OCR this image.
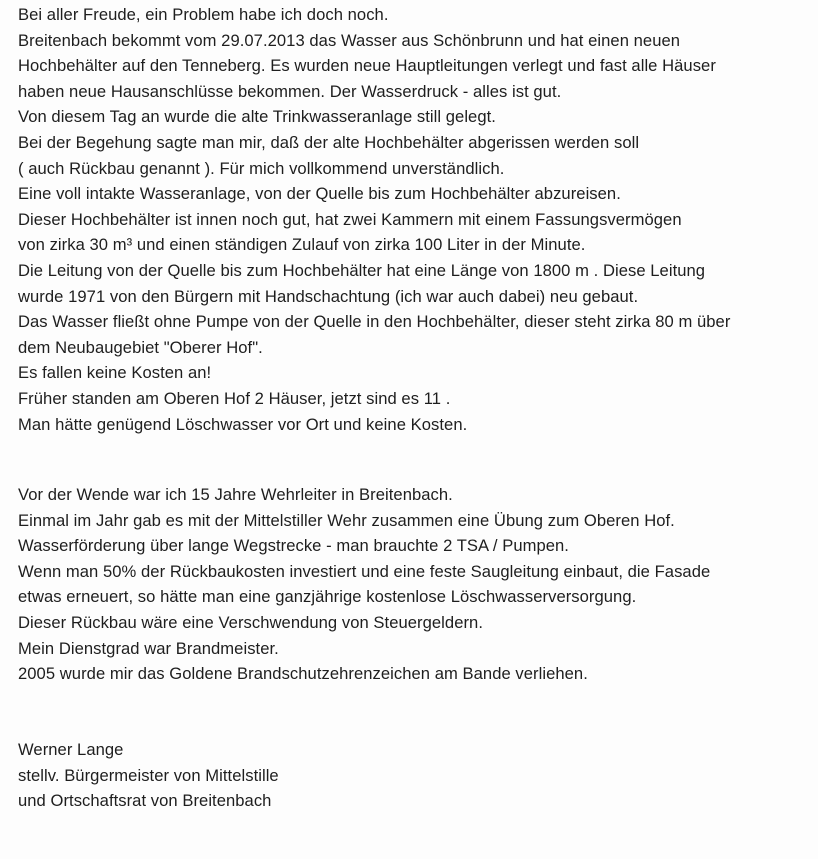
Bei aller Freude, ein Problem habe ich doch noch.
Breitenbach bekommt vom 29.07.2013 das Wasser aus Schönbrunn und hat einen neuen
Hochbehälter auf den Tenneberg. Es wurden neue Hauptleitungen verlegt und fast alle Häuser
haben neue Hausanschlüsse bekommen. Der Wasserdruck - alles ist gut.
Von diesem Tag an wurde die alte Trinkwasseranlage still gelegt.
Bei der Begehung sagte man mir, daß der alte Hochbehälter abgerissen werden soll
( auch Rückbau genannt ). Für mich vollkommend unverständlich.
Eine voll intakte Wasseranlage, von der Quelle bis zum Hochbehälter abzureisen.
Dieser Hochbehälter ist innen noch gut, hat zwei Kammern mit einem Fassungsvermögen
von zirka 30 m³ und einen ständigen Zulauf von zirka 100 Liter in der Minute.
Die Leitung von der Quelle bis zum Hochbehälter hat eine Länge von 1800 m . Diese Leitung
wurde 1971 von den Bürgern mit Handschachtung (ich war auch dabei) neu gebaut.
Das Wasser fließt ohne Pumpe von der Quelle in den Hochbehälter, dieser steht zirka 80 m über
dem Neubaugebiet "Oberer Hof".
Es fallen keine Kosten an!
Früher standen am Oberen Hof 2 Häuser, jetzt sind es 11 .
Man hätte genügend Löschwasser vor Ort und keine Kosten.
Vor der Wende war ich 15 Jahre Wehrleiter in Breitenbach.
Einmal im Jahr gab es mit der Mittelstiller Wehr zusammen eine Übung zum Oberen Hof.
Wasserförderung über lange Wegstrecke - man brauchte 2 TSA / Pumpen.
Wenn man 50% der Rückbaukosten investiert und eine feste Saugleitung einbaut, die Fasade
etwas erneuert, so hätte man eine ganzjährige kostenlose Löschwasserversorgung.
Dieser Rückbau wäre eine Verschwendung von Steuergeldern.
Mein Dienstgrad war Brandmeister.
2005 wurde mir das Goldene Brandschutzehrenzeichen am Bande verliehen.
Werner Lange
stellv. Bürgermeister von Mittelstille
und Ortschaftsrat von Breitenbach
